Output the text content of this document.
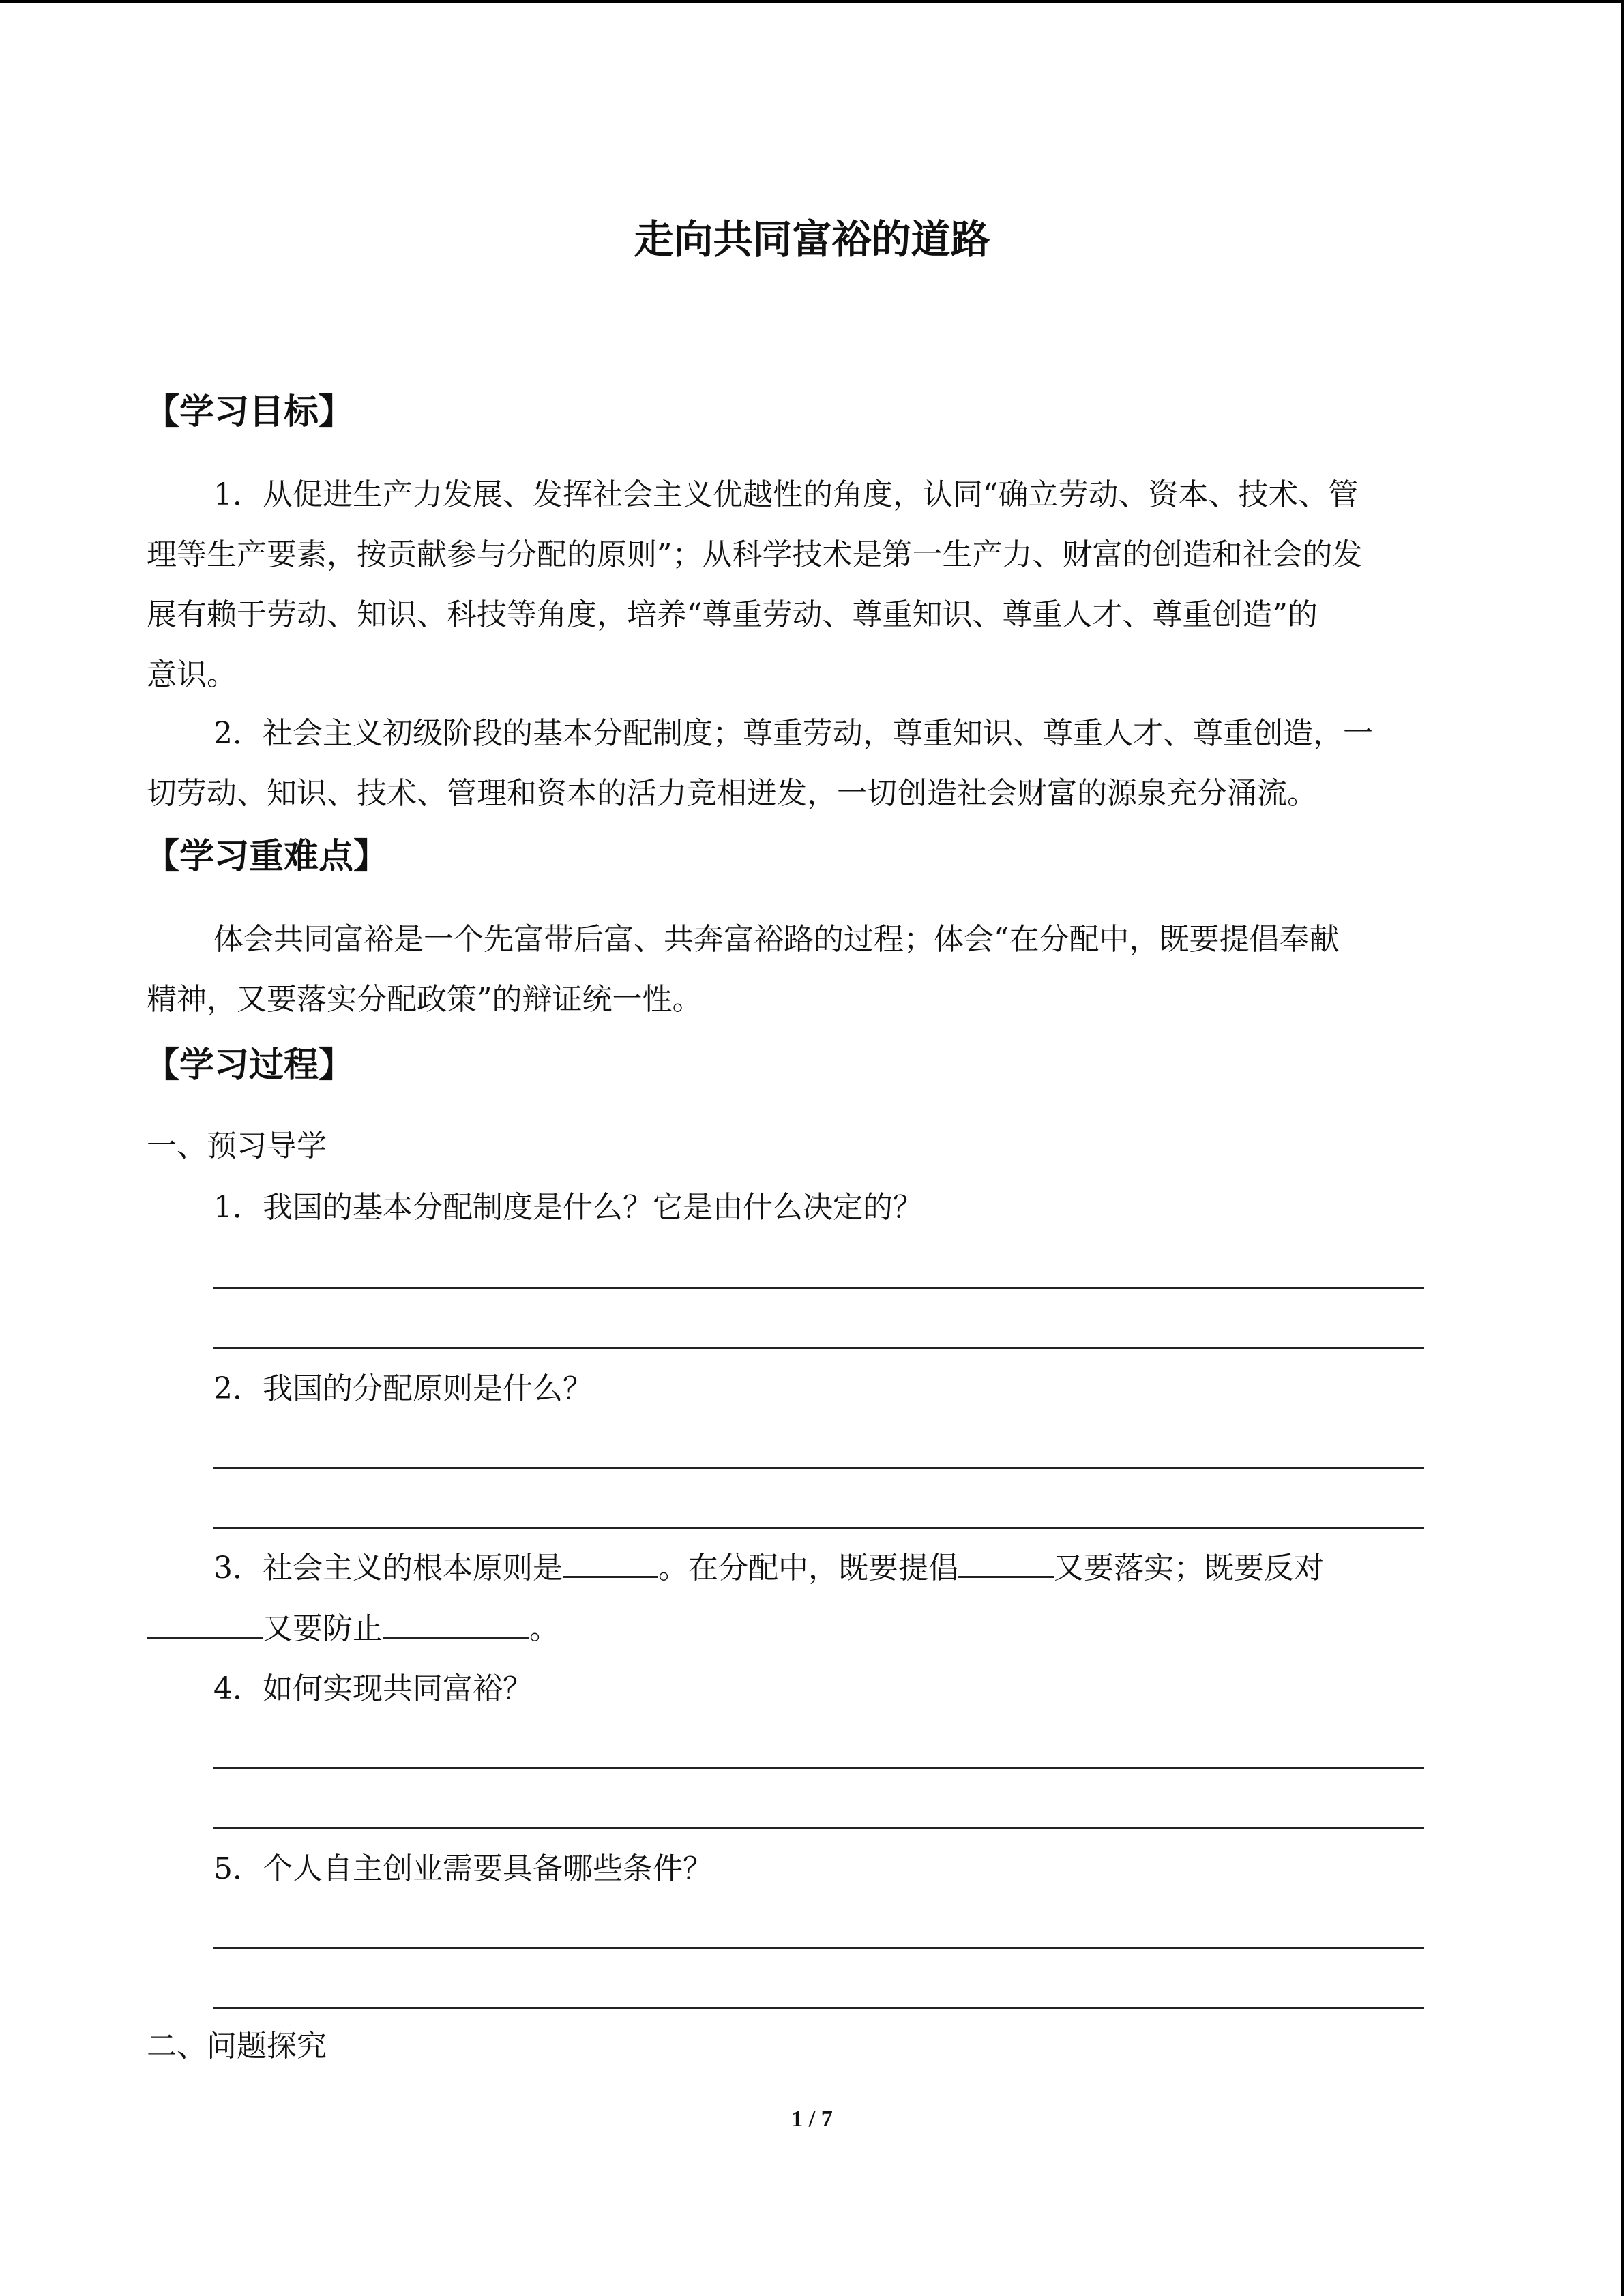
走向共同富裕的道路
【学习目标】
1．从促进生产力发展、发挥社会主义优越性的角度，认同“确立劳动、资本、技术、管
理等生产要素，按贡献参与分配的原则”；从科学技术是第一生产力、财富的创造和社会的发
展有赖于劳动、知识、科技等角度，培养“尊重劳动、尊重知识、尊重人才、尊重创造”的
意识。
2．社会主义初级阶段的基本分配制度；尊重劳动，尊重知识、尊重人才、尊重创造，一
切劳动、知识、技术、管理和资本的活力竞相迸发，一切创造社会财富的源泉充分涌流。
【学习重难点】
体会共同富裕是一个先富带后富、共奔富裕路的过程；体会“在分配中，既要提倡奉献
精神，又要落实分配政策”的辩证统一性。
【学习过程】
一、预习导学
1．我国的基本分配制度是什么？它是由什么决定的？
2．我国的分配原则是什么？
3．社会主义的根本原则是	。在分配中，既要提倡	又要落实；既要反对
又要防止	。
4．如何实现共同富裕？
5．个人自主创业需要具备哪些条件？
二、问题探究
1 / 7
